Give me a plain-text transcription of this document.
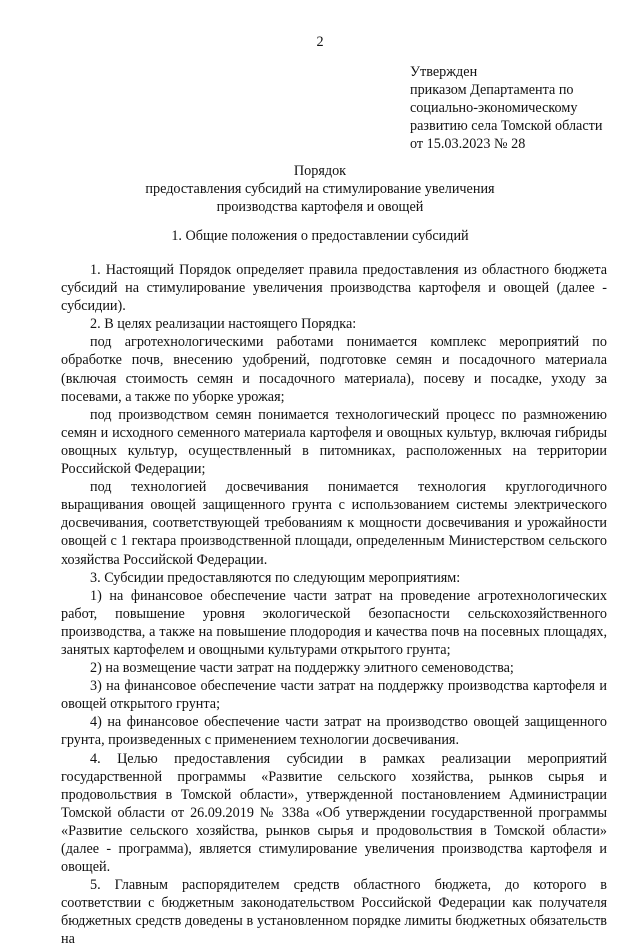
2
Утвержден
приказом Департамента по
социально-экономическому
развитию села Томской области
от 15.03.2023 № 28
Порядок
предоставления субсидий на стимулирование увеличения
производства картофеля и овощей
1. Общие положения о предоставлении субсидий

1. Настоящий Порядок определяет правила предоставления из областного бюджета субсидий на стимулирование увеличения производства картофеля и овощей (далее - субсидии).

2. В целях реализации настоящего Порядка:

под агротехнологическими работами понимается комплекс мероприятий по обработке почв, внесению удобрений, подготовке семян и посадочного материала (включая стоимость семян и посадочного материала), посеву и посадке, уходу за посевами, а также по уборке урожая;

под производством семян понимается технологический процесс по размножению семян и исходного семенного материала картофеля и овощных культур, включая гибриды овощных культур, осуществленный в питомниках, расположенных на территории Российской Федерации;

под технологией досвечивания понимается технология круглогодичного выращивания овощей защищенного грунта с использованием системы электрического досвечивания, соответствующей требованиям к мощности досвечивания и урожайности овощей с 1 гектара производственной площади, определенным Министерством сельского хозяйства Российской Федерации.

3. Субсидии предоставляются по следующим мероприятиям:

1) на финансовое обеспечение части затрат на проведение агротехнологических работ, повышение уровня экологической безопасности сельскохозяйственного производства, а также на повышение плодородия и качества почв на посевных площадях, занятых картофелем и овощными культурами открытого грунта;

2) на возмещение части затрат на поддержку элитного семеноводства;

3) на финансовое обеспечение части затрат на поддержку производства картофеля и овощей открытого грунта;

4) на финансовое обеспечение части затрат на производство овощей защищенного грунта, произведенных с применением технологии досвечивания.

4. Целью предоставления субсидии в рамках реализации мероприятий государственной программы «Развитие сельского хозяйства, рынков сырья и продовольствия в Томской области», утвержденной постановлением Администрации Томской области от 26.09.2019 № 338а «Об утверждении государственной программы «Развитие сельского хозяйства, рынков сырья и продовольствия в Томской области» (далее - программа), является стимулирование увеличения производства картофеля и овощей.

5. Главным распорядителем средств областного бюджета, до которого в соответствии с бюджетным законодательством Российской Федерации как получателя бюджетных средств доведены в установленном порядке лимиты бюджетных обязательств на
